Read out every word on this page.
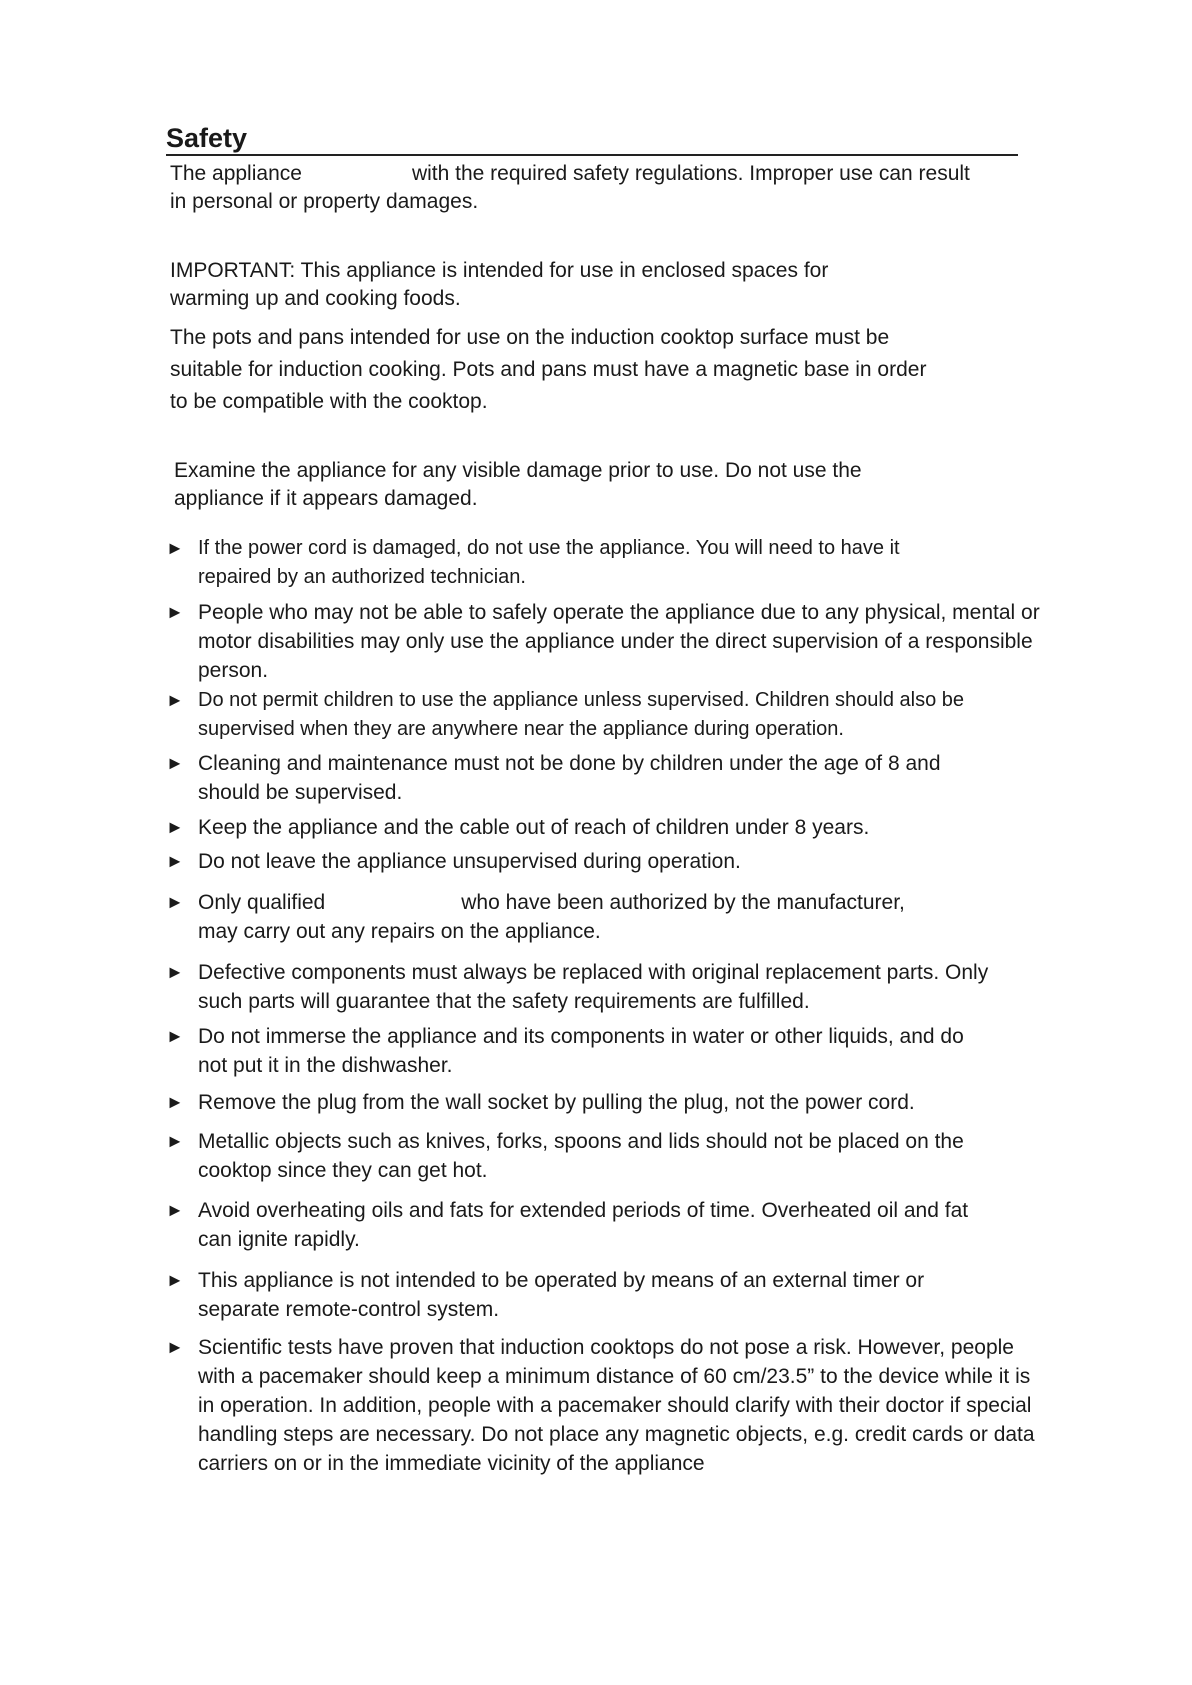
Safety

The appliance	with the required safety regulations. Improper use can result
in personal or property damages.

IMPORTANT: This appliance is intended for use in enclosed spaces for warming up and cooking foods.

The pots and pans intended for use on the induction cooktop surface must be suitable for induction cooking. Pots and pans must have a magnetic base in order to be compatible with the cooktop.

Examine the appliance for any visible damage prior to use. Do not use the appliance if it appears damaged.

► If the power cord is damaged, do not use the appliance. You will need to have it repaired by an authorized technician.
► People who may not be able to safely operate the appliance due to any physical, mental or motor disabilities may only use the appliance under the direct supervision of a responsible person.
► Do not permit children to use the appliance unless supervised. Children should also be supervised when they are anywhere near the appliance during operation.
► Cleaning and maintenance must not be done by children under the age of 8 and should be supervised.
► Keep the appliance and the cable out of reach of children under 8 years.
► Do not leave the appliance unsupervised during operation.
► Only qualified	who have been authorized by the manufacturer,
may carry out any repairs on the appliance.
► Defective components must always be replaced with original replacement parts. Only such parts will guarantee that the safety requirements are fulfilled.
► Do not immerse the appliance and its components in water or other liquids, and do not put it in the dishwasher.
► Remove the plug from the wall socket by pulling the plug, not the power cord.
► Metallic objects such as knives, forks, spoons and lids should not be placed on the cooktop since they can get hot.
► Avoid overheating oils and fats for extended periods of time. Overheated oil and fat can ignite rapidly.
► This appliance is not intended to be operated by means of an external timer or separate remote-control system.
► Scientific tests have proven that induction cooktops do not pose a risk. However, people with a pacemaker should keep a minimum distance of 60 cm/23.5” to the device while it is in operation. In addition, people with a pacemaker should clarify with their doctor if special handling steps are necessary. Do not place any magnetic objects, e.g. credit cards or data carriers on or in the immediate vicinity of the appliance
